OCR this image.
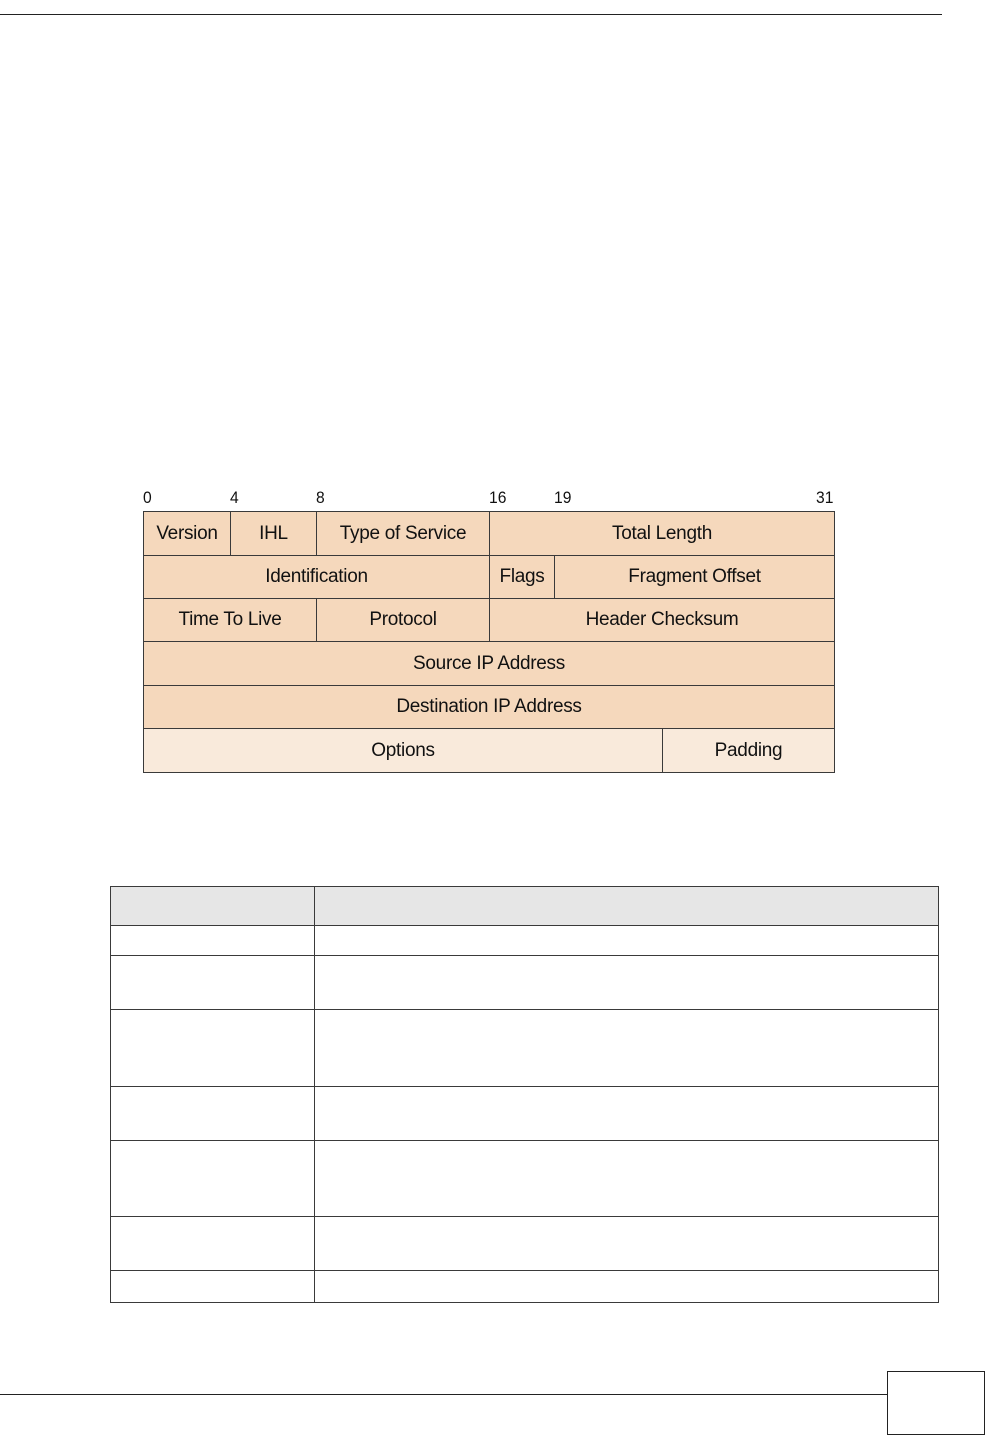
0	4	8	16	19	31
Version	IHL	Type of Service	Total Length
Identification	Flags	Fragment Offset
Time To Live	Protocol	Header Checksum
Source IP Address
Destination IP Address
Options	Padding
